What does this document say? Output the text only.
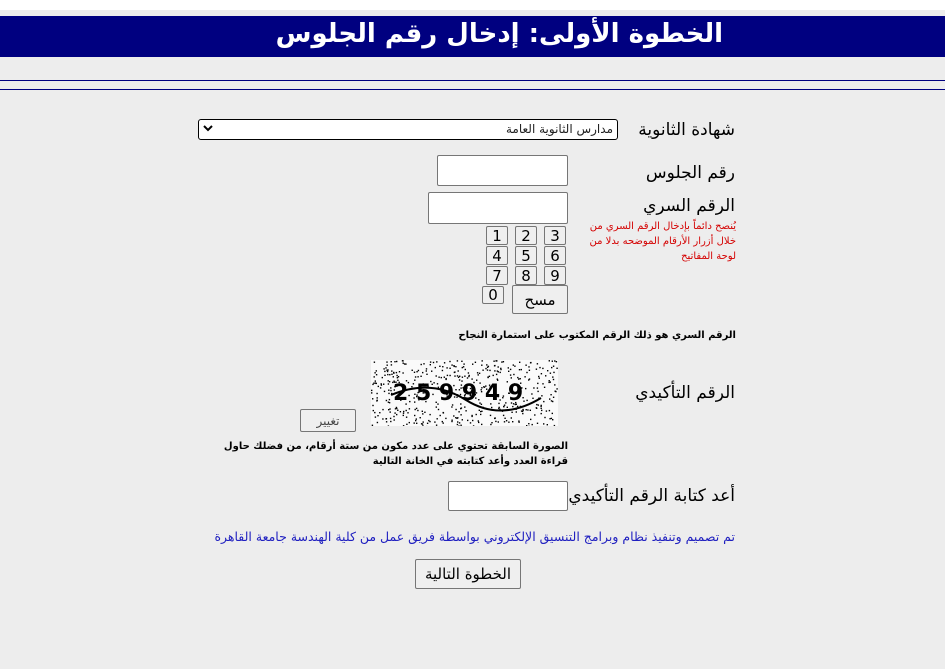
الخطوة الأولى: إدخال رقم الجلوس
شهادة الثانوية
مدارس الثانوية العامة
رقم الجلوس
الرقم السري
يُنصح دائماً بإدخال الرقم السري من خلال أزرار الأرقام الموضحه بدلا من لوحة المفاتيح
1	2	3
4	5	6
7	8	9
0	مسح
الرقم السري هو ذلك الرقم المكتوب على استمارة النجاح
الرقم التأكيدي
2 5 9 9 4 9
تغيير
الصورة السابقة تحتوي على عدد مكون من ستة أرقام، من فضلك حاول قراءة العدد وأعد كتابته في الخانة التالية
أعد كتابة الرقم التأكيدي
تم تصميم وتنفيذ نظام وبرامج التنسيق الإلكتروني بواسطة فريق عمل من كلية الهندسة جامعة القاهرة
الخطوة التالية
